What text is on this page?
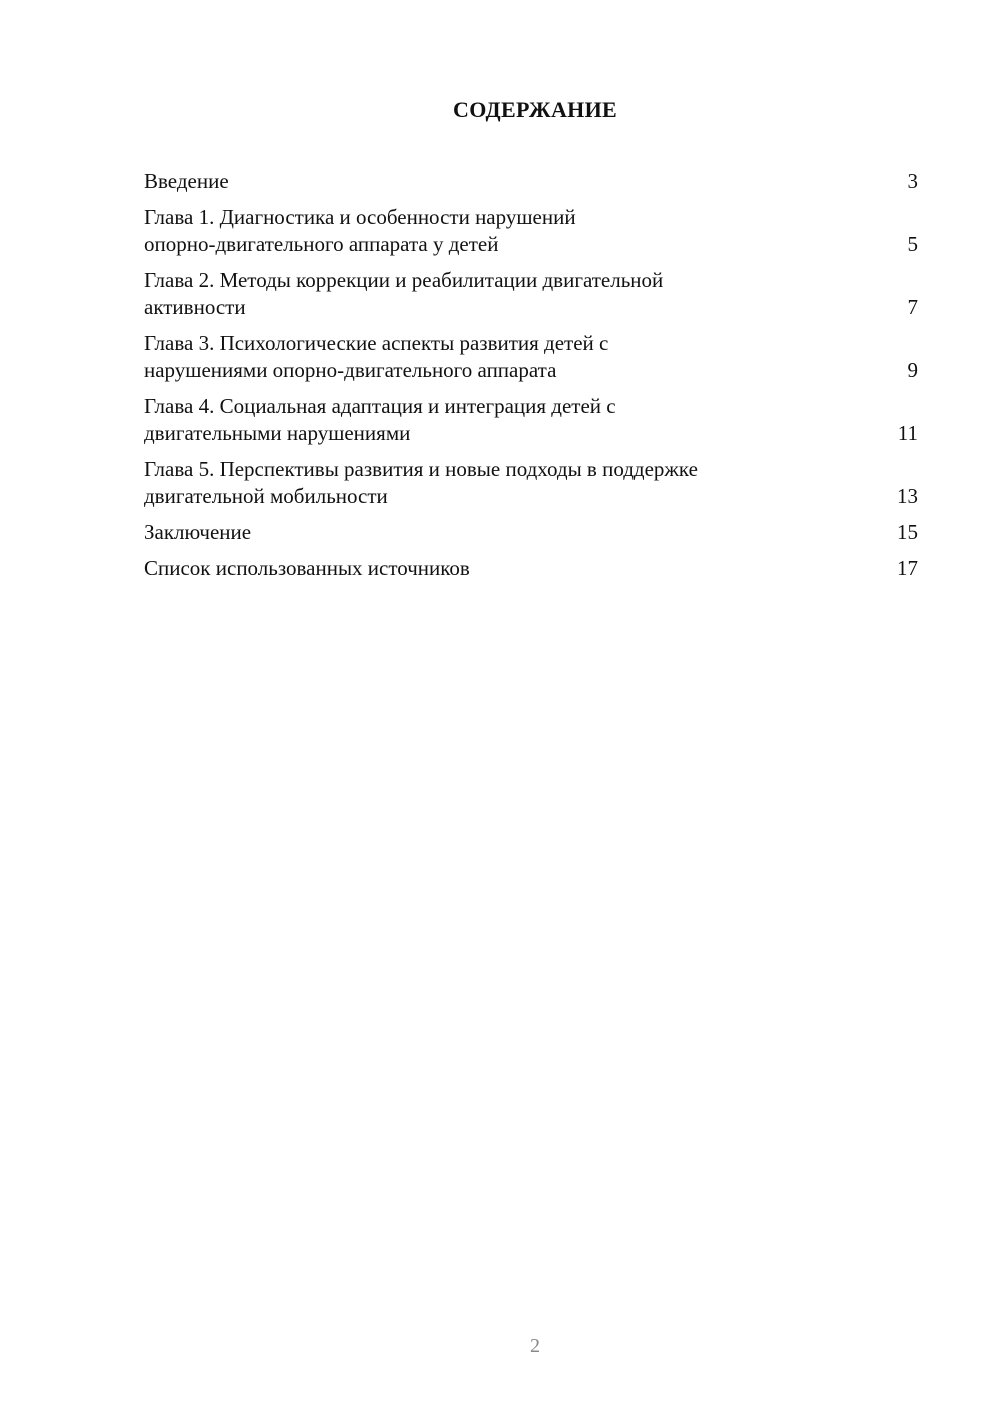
СОДЕРЖАНИЕ
Введение	3
Глава 1. Диагностика и особенности нарушений
опорно-двигательного аппарата у детей	5
Глава 2. Методы коррекции и реабилитации двигательной
активности	7
Глава 3. Психологические аспекты развития детей с
нарушениями опорно-двигательного аппарата	9
Глава 4. Социальная адаптация и интеграция детей с
двигательными нарушениями	11
Глава 5. Перспективы развития и новые подходы в поддержке
двигательной мобильности	13
Заключение	15
Список использованных источников	17
2
